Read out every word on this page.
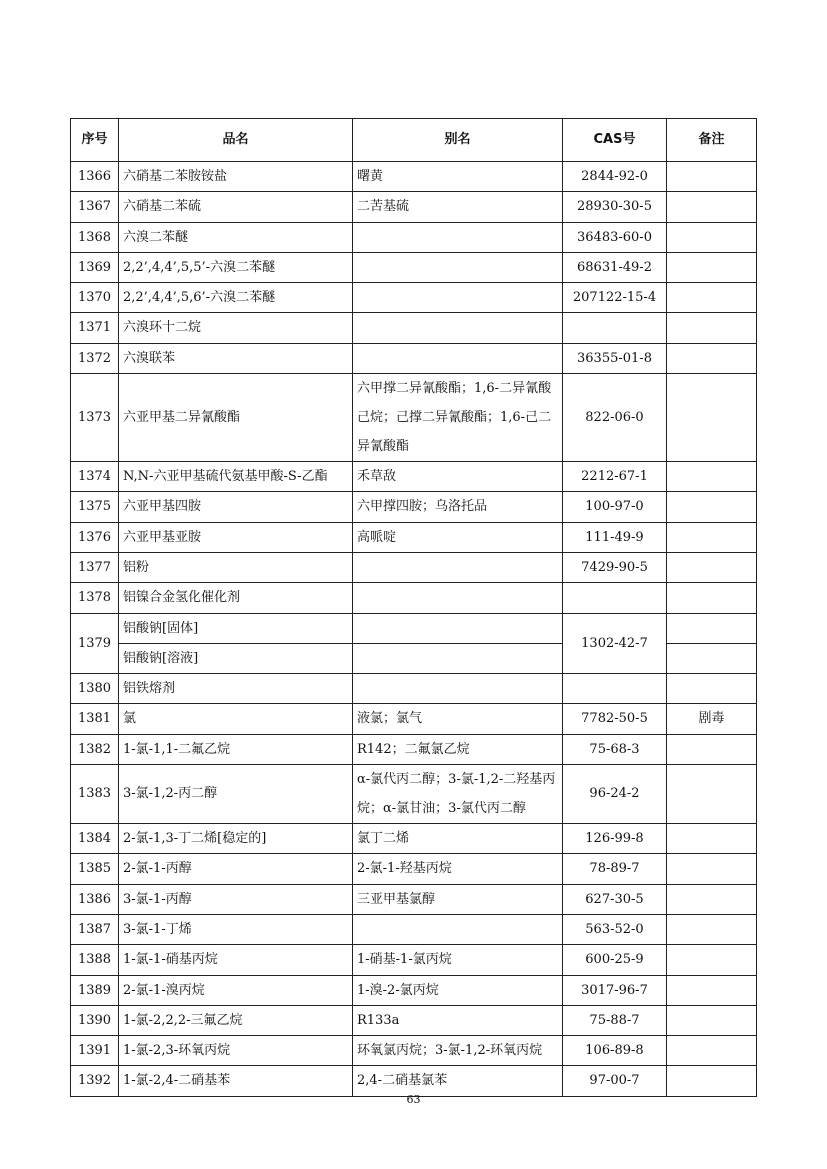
序号	品名	别名	CAS号	备注
1366	六硝基二苯胺铵盐	曙黄	2844-92-0	
1367	六硝基二苯硫	二苦基硫	28930-30-5	
1368	六溴二苯醚		36483-60-0	
1369	2,2’,4,4’,5,5’-六溴二苯醚		68631-49-2	
1370	2,2’,4,4’,5,6’-六溴二苯醚		207122-15-4	
1371	六溴环十二烷			
1372	六溴联苯		36355-01-8	
1373	六亚甲基二异氰酸酯	六甲撑二异氰酸酯；1,6-二异氰酸己烷；己撑二异氰酸酯；1,6-己二异氰酸酯	822-06-0	
1374	N,N-六亚甲基硫代氨基甲酸-S-乙酯	禾草敌	2212-67-1	
1375	六亚甲基四胺	六甲撑四胺；乌洛托品	100-97-0	
1376	六亚甲基亚胺	高哌啶	111-49-9	
1377	铝粉		7429-90-5	
1378	铝镍合金氢化催化剂			
1379	铝酸钠[固体]		1302-42-7	
	铝酸钠[溶液]			
1380	铝铁熔剂			
1381	氯	液氯；氯气	7782-50-5	剧毒
1382	1-氯-1,1-二氟乙烷	R142；二氟氯乙烷	75-68-3	
1383	3-氯-1,2-丙二醇	α-氯代丙二醇；3-氯-1,2-二羟基丙烷；α-氯甘油；3-氯代丙二醇	96-24-2	
1384	2-氯-1,3-丁二烯[稳定的]	氯丁二烯	126-99-8	
1385	2-氯-1-丙醇	2-氯-1-羟基丙烷	78-89-7	
1386	3-氯-1-丙醇	三亚甲基氯醇	627-30-5	
1387	3-氯-1-丁烯		563-52-0	
1388	1-氯-1-硝基丙烷	1-硝基-1-氯丙烷	600-25-9	
1389	2-氯-1-溴丙烷	1-溴-2-氯丙烷	3017-96-7	
1390	1-氯-2,2,2-三氟乙烷	R133a	75-88-7	
1391	1-氯-2,3-环氧丙烷	环氧氯丙烷；3-氯-1,2-环氧丙烷	106-89-8	
1392	1-氯-2,4-二硝基苯	2,4-二硝基氯苯	97-00-7	
63
